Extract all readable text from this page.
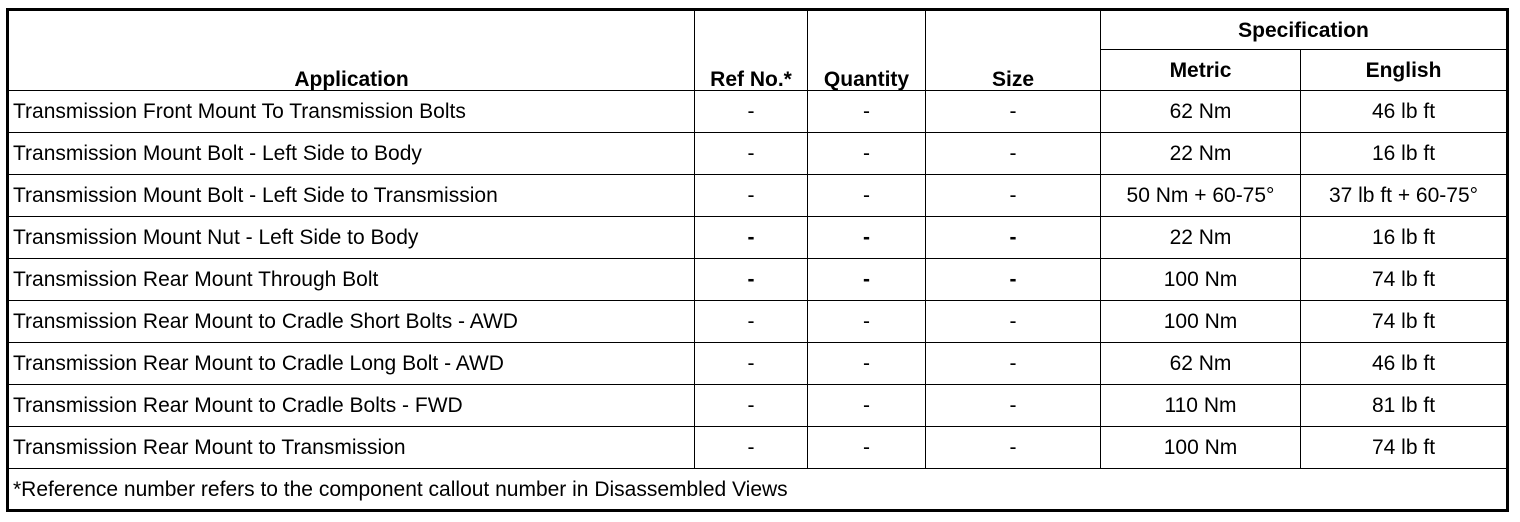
Application	Ref No.*	Quantity	Size	Specification	
				Metric	English
Transmission Front Mount To Transmission Bolts	-	-	-	62 Nm	46 lb ft
Transmission Mount Bolt - Left Side to Body	-	-	-	22 Nm	16 lb ft
Transmission Mount Bolt - Left Side to Transmission	-	-	-	50 Nm + 60-75°	37 lb ft + 60-75°
Transmission Mount Nut - Left Side to Body	-	-	-	22 Nm	16 lb ft
Transmission Rear Mount Through Bolt	-	-	-	100 Nm	74 lb ft
Transmission Rear Mount to Cradle Short Bolts - AWD	-	-	-	100 Nm	74 lb ft
Transmission Rear Mount to Cradle Long Bolt - AWD	-	-	-	62 Nm	46 lb ft
Transmission Rear Mount to Cradle Bolts - FWD	-	-	-	110 Nm	81 lb ft
Transmission Rear Mount to Transmission	-	-	-	100 Nm	74 lb ft
*Reference number refers to the component callout number in Disassembled Views					
